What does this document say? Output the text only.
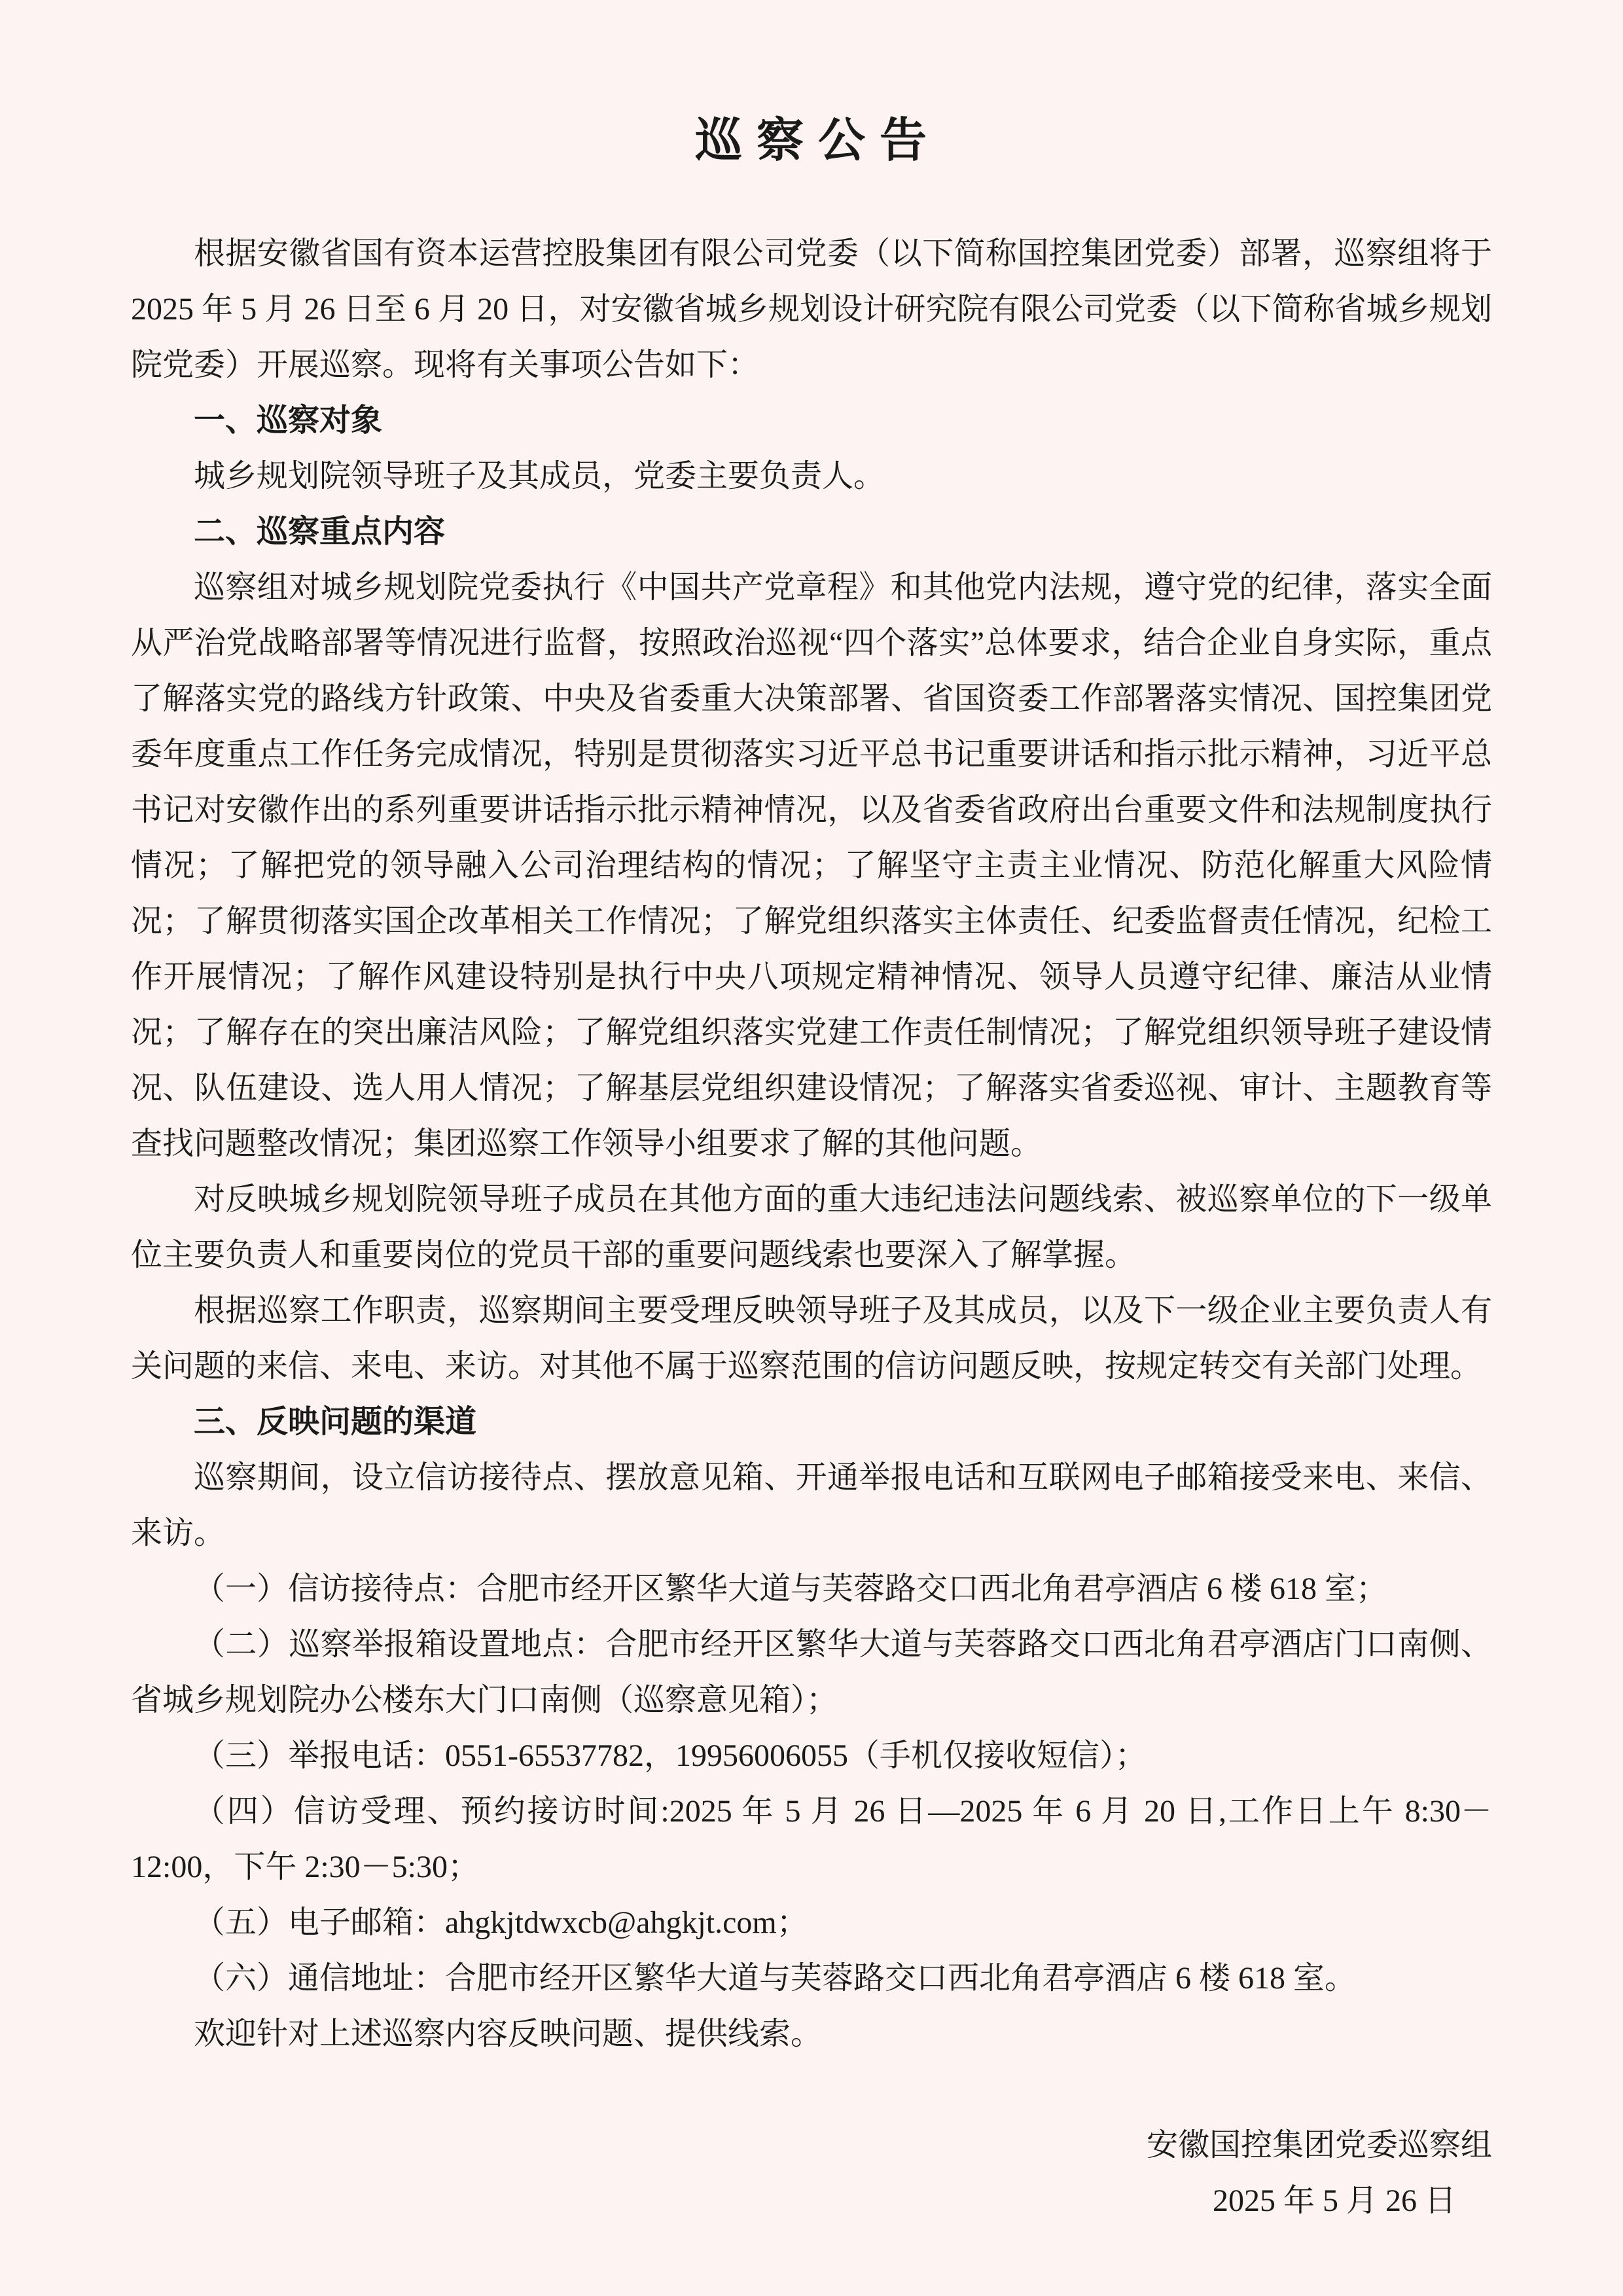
巡 察 公 告

根据安徽省国有资本运营控股集团有限公司党委（以下简称国控集团党委）部署，巡察组将于 2025 年 5 月 26 日至 6 月 20 日，对安徽省城乡规划设计研究院有限公司党委（以下简称省城乡规划院党委）开展巡察。现将有关事项公告如下：

一、巡察对象

城乡规划院领导班子及其成员，党委主要负责人。

二、巡察重点内容

巡察组对城乡规划院党委执行《中国共产党章程》和其他党内法规，遵守党的纪律，落实全面从严治党战略部署等情况进行监督，按照政治巡视“四个落实”总体要求，结合企业自身实际，重点了解落实党的路线方针政策、中央及省委重大决策部署、省国资委工作部署落实情况、国控集团党委年度重点工作任务完成情况，特别是贯彻落实习近平总书记重要讲话和指示批示精神，习近平总书记对安徽作出的系列重要讲话指示批示精神情况，以及省委省政府出台重要文件和法规制度执行情况；了解把党的领导融入公司治理结构的情况；了解坚守主责主业情况、防范化解重大风险情况；了解贯彻落实国企改革相关工作情况；了解党组织落实主体责任、纪委监督责任情况，纪检工作开展情况；了解作风建设特别是执行中央八项规定精神情况、领导人员遵守纪律、廉洁从业情况；了解存在的突出廉洁风险；了解党组织落实党建工作责任制情况；了解党组织领导班子建设情况、队伍建设、选人用人情况；了解基层党组织建设情况；了解落实省委巡视、审计、主题教育等查找问题整改情况；集团巡察工作领导小组要求了解的其他问题。

对反映城乡规划院领导班子成员在其他方面的重大违纪违法问题线索、被巡察单位的下一级单位主要负责人和重要岗位的党员干部的重要问题线索也要深入了解掌握。

根据巡察工作职责，巡察期间主要受理反映领导班子及其成员，以及下一级企业主要负责人有关问题的来信、来电、来访。对其他不属于巡察范围的信访问题反映，按规定转交有关部门处理。

三、反映问题的渠道

巡察期间，设立信访接待点、摆放意见箱、开通举报电话和互联网电子邮箱接受来电、来信、来访。

（一）信访接待点：合肥市经开区繁华大道与芙蓉路交口西北角君亭酒店 6 楼 618 室；

（二）巡察举报箱设置地点：合肥市经开区繁华大道与芙蓉路交口西北角君亭酒店门口南侧、省城乡规划院办公楼东大门口南侧（巡察意见箱）；

（三）举报电话：0551-65537782，19956006055（手机仅接收短信）；

（四）信访受理、预约接访时间:2025 年 5 月 26 日—2025 年 6 月 20 日,工作日上午 8:30－12:00，下午 2:30－5:30；

（五）电子邮箱：ahgkjtdwxcb@ahgkjt.com；

（六）通信地址：合肥市经开区繁华大道与芙蓉路交口西北角君亭酒店 6 楼 618 室。

欢迎针对上述巡察内容反映问题、提供线索。

安徽国控集团党委巡察组

2025 年 5 月 26 日
